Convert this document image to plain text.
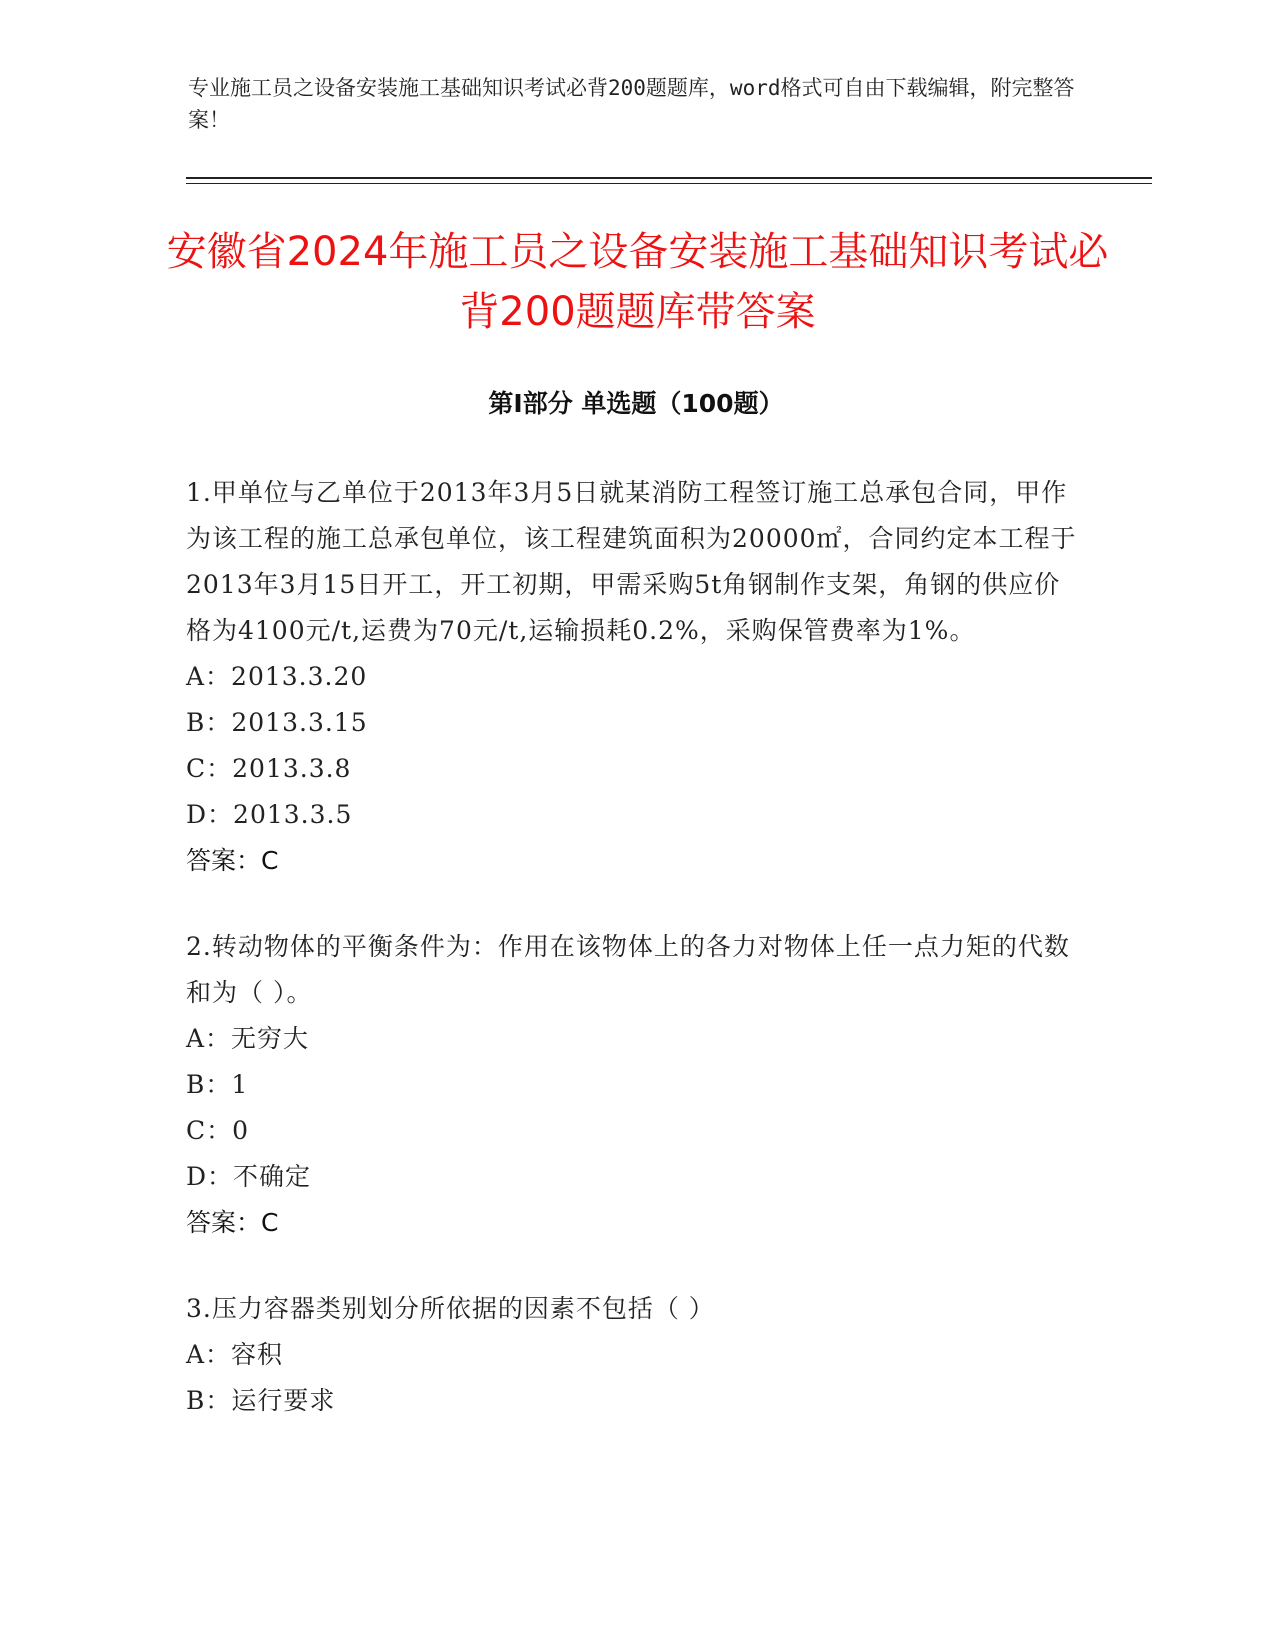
专业施工员之设备安装施工基础知识考试必背200题题库，word格式可自由下载编辑，附完整答案！
安徽省2024年施工员之设备安装施工基础知识考试必背200题题库带答案
第Ⅰ部分 单选题（100题）
1.甲单位与乙单位于2013年3月5日就某消防工程签订施工总承包合同，甲作为该工程的施工总承包单位，该工程建筑面积为20000㎡，合同约定本工程于2013年3月15日开工，开工初期，甲需采购5t角钢制作支架，角钢的供应价格为4100元/t,运费为70元/t,运输损耗0.2%，采购保管费率为1%。
A：2013.3.20
B：2013.3.15
C：2013.3.8
D：2013.3.5
答案：C
2.转动物体的平衡条件为：作用在该物体上的各力对物体上任一点力矩的代数和为（ ）。
A：无穷大
B：1
C：0
D：不确定
答案：C
3.压力容器类别划分所依据的因素不包括（ ）
A：容积
B：运行要求
